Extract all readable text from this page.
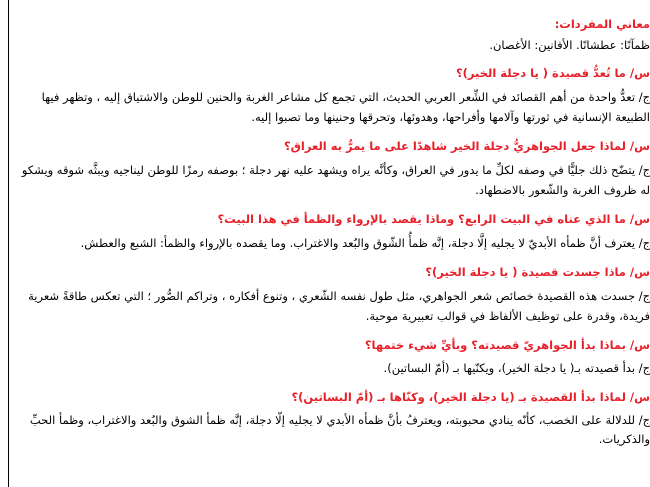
معاني المفردات:

ظمآنًا: عطشانًا. الأفانين: الأغصان.

س/ ما تُعدُّ قصيدة ( يا دجلة الخير)؟

ج/ تعدُّ واحدة من أهم القصائد في الشِّعر العربي الحديث، التي تجمع كل مشاعر الغربة والحنين للوطن والاشتياق إليه ، وتظهر فيها الطبيعة الإنسانية في ثورتها وآلامها وأفراحها، وهدوئها، وتحرقها وحنينها وما تصبوا إليه.

س/ لماذا جعل الجواهريُّ دجلة الخير شاهدًا على ما يمرُّ به العراق؟

ج/ يتضّح ذلك جليًّا في وصفه لكلِّ ما يدور في العراق، وكأنَّه يراه ويشهد عليه نهر دجلة ؛ بوصفه رمزًا للوطن ليناجيه ويبثَّه شوقه ويشكو له ظروف الغربة والشّعور بالاضطهاد.

س/ ما الذي عناه في البيت الرابع؟ وماذا يقصد بالإرواء والظمأ في هذا البيت؟

ج/ يعترف أنَّ ظمأه الأبديّ لا يجليه إلَّا دجلة، إنَّه ظمأُ الشّوق والبُعد والاغتراب. وما يقصده بالإرواء والظمأ: الشبع والعطش.

س/ ماذا جسدت قصيدة ( يا دجلة الخير)؟

ج/ جسدت هذه القصيدة خصائص شعر الجواهري، مثل طول نفسه الشّعري ، وتنوع أفكاره ، وتراكم الصُّور ؛ التي تعكس طاقةً شعرية فريدة، وقدرة على توظيف الألفاظ في قوالب تعبيرية موحية.

س/ بماذا بدأ الجواهريّ قصيدته؟ وبأيِّ شيء ختمها؟

ج/ بدأ قصيدته بـ( يا دجلة الخير)، ويكنّيها بـ (أمّ البساتين).

س/ لماذا بدأ القصيدة بـ (يا دجلة الخير)، وكنّاها بـ (أمّ البساتين)؟

ج/ للدلالة على الخصب، كأنّه ينادي محبوبته، ويعترفُ بأنَّ ظمأه الأبدي لا يجليه إلّا دجلة، إنَّه ظمأ الشوق والبُعد والاغتراب، وظمأ الحبِّ والذكريات.
